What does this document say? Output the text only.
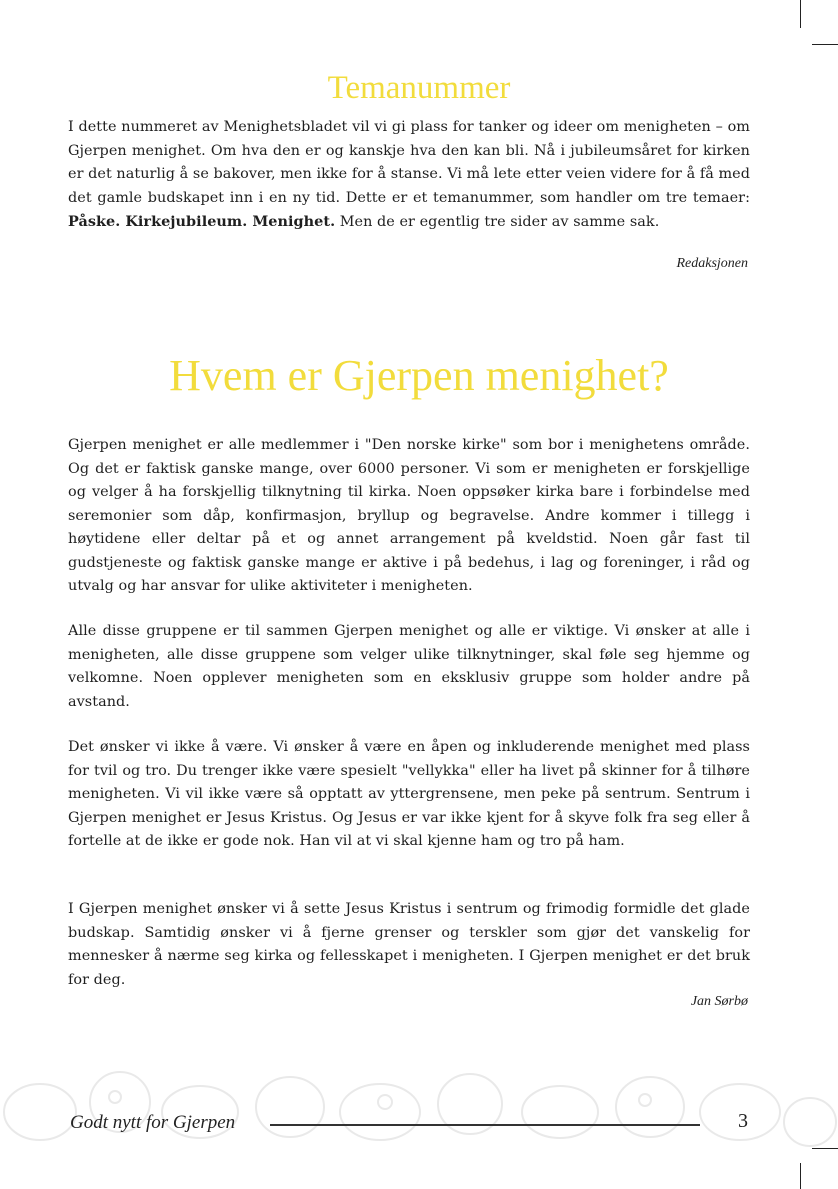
Temanummer

I dette nummeret av Menighetsbladet vil vi gi plass for tanker og ideer om menigheten – om Gjerpen menighet. Om hva den er og kanskje hva den kan bli. Nå i jubileumsåret for kirken er det naturlig å se bakover, men ikke for å stanse. Vi må lete etter veien videre for å få med det gamle budskapet inn i en ny tid. Dette er et temanummer, som handler om tre temaer: Påske. Kirkejubileum. Menighet. Men de er egentlig tre sider av samme sak.

Redaksjonen

Hvem er Gjerpen menighet?

Gjerpen menighet er alle medlemmer i "Den norske kirke" som bor i menighetens område. Og det er faktisk ganske mange, over 6000 personer. Vi som er menigheten er forskjellige og velger å ha forskjellig tilknytning til kirka. Noen oppsøker kirka bare i forbindelse med seremonier som dåp, konfirmasjon, bryllup og begravelse. Andre kommer i tillegg i høytidene eller deltar på et og annet arrangement på kveldstid. Noen går fast til gudstjeneste og faktisk ganske mange er aktive i på bedehus, i lag og foreninger, i råd og utvalg og har ansvar for ulike aktiviteter i menigheten.

Alle disse gruppene er til sammen Gjerpen menighet og alle er viktige. Vi ønsker at alle i menigheten, alle disse gruppene som velger ulike tilknytninger, skal føle seg hjemme og velkomne. Noen opplever menigheten som en eksklusiv gruppe som holder andre på avstand.

Det ønsker vi ikke å være. Vi ønsker å være en åpen og inkluderende menighet med plass for tvil og tro. Du trenger ikke være spesielt "vellykka" eller ha livet på skinner for å tilhøre menigheten. Vi vil ikke være så opptatt av yttergrensene, men peke på sentrum. Sentrum i Gjerpen menighet er Jesus Kristus. Og Jesus er var ikke kjent for å skyve folk fra seg eller å fortelle at de ikke er gode nok. Han vil at vi skal kjenne ham og tro på ham.

I Gjerpen menighet ønsker vi å sette Jesus Kristus i sentrum og frimodig formidle det glade budskap. Samtidig ønsker vi å fjerne grenser og terskler som gjør det vanskelig for mennesker å nærme seg kirka og fellesskapet i menigheten. I Gjerpen menighet er det bruk for deg.

Jan Sørbø

Godt nytt for Gjerpen	3
